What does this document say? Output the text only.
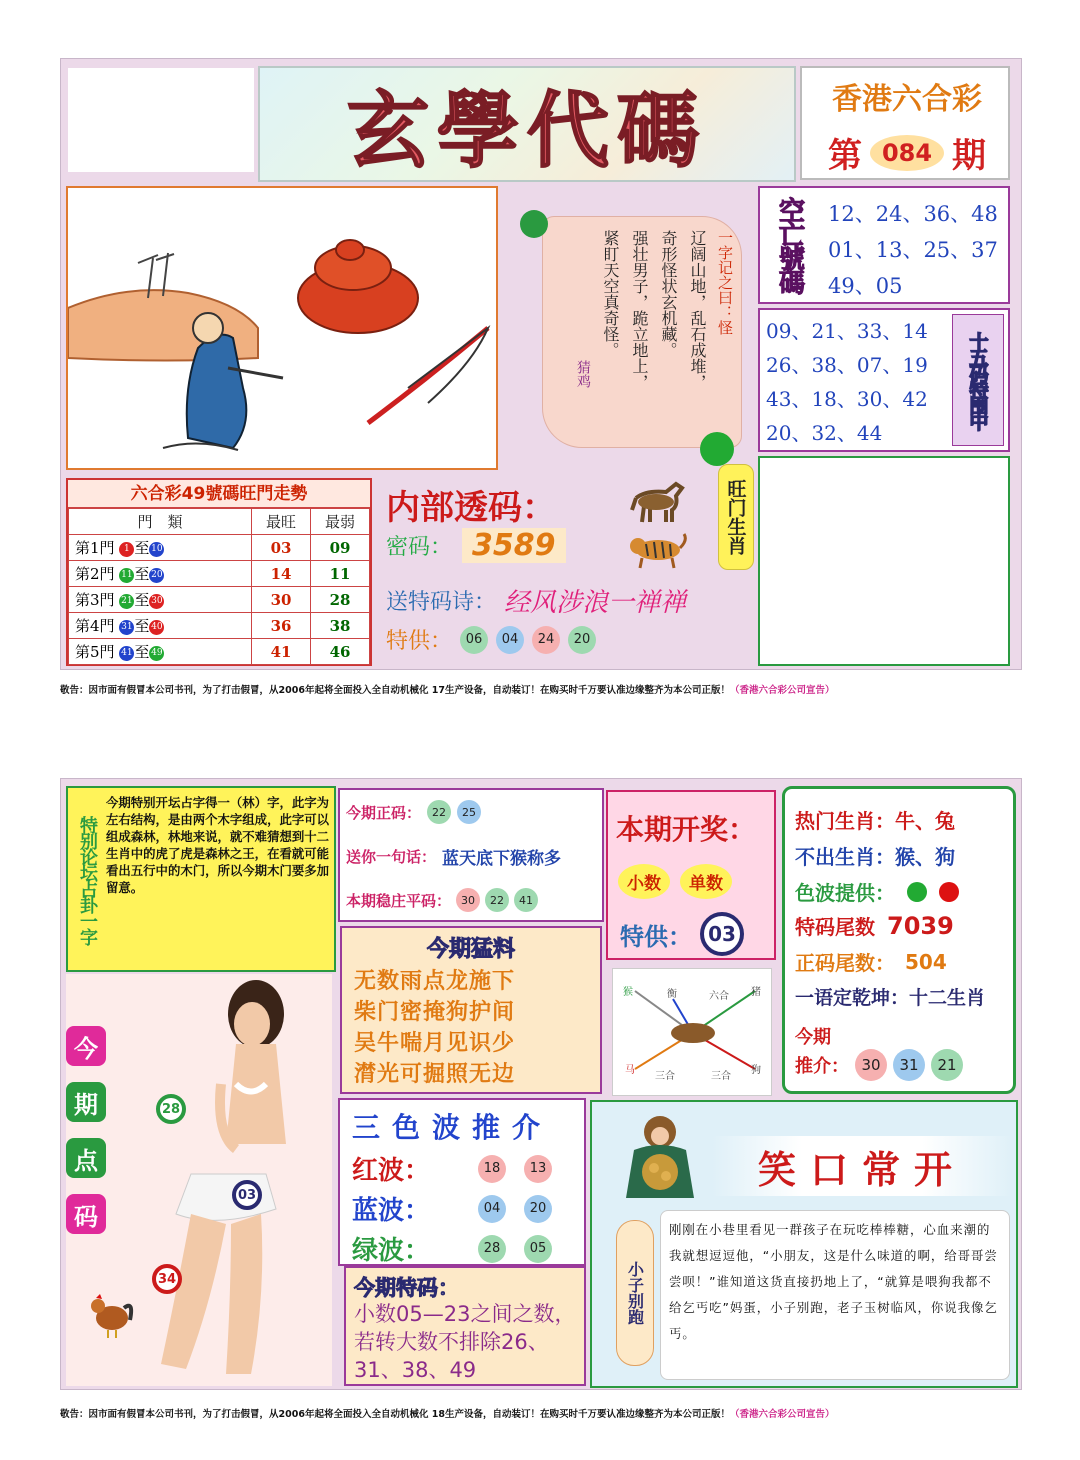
玄學代碼	香港六合彩
第 084 期
一字记之曰：怪
辽阔山地，乱石成堆，
奇形怪状玄机藏。
强壮男子，跪立地上，
紧盯天空真奇怪。
猜鸡
空亡號碼 12、24、36、48
01、13、25、37
49、05
09、21、33、14
26、38、07、19
43、18、30、42
20、32、44
十五码特围中
六合彩49號碼旺門走勢
門　類	最旺	最弱
第1門 1 至 10	03	09
第2門 11 至 20	14	11
第3門 21 至 30	30	28
第4門 31 至 40	36	38
第5門 41 至 49	41	46
内部透码：	旺门生肖
密码： 3589
送特码诗： 经风涉浪一禅禅
特供：	06	04	24	20
敬告：因市面有假冒本公司书刊，为了打击假冒，从2006年起将全面投入全自动机械化 17生产设备，自动装订！在购买时千万要认准边缘整齐为本公司正版！（香港六合彩公司宣告）
特别论坛占卦一字
今期特别开坛占字得一（林）字，此字为左右结构，是由两个木字组成，此字可以组成森林，林地来说，就不难猜想到十二生肖中的虎了虎是森林之王，在看就可能看出五行中的木门，所以今期木门要多加留意。
今期正码：	22	25
送你一句话： 蓝天底下猴称多
本期稳庄平码： 30	22	41
本期开奖：
小数	单数
特供： 03
热门生肖：牛、兔
不出生肖：猴、狗
色波提供：
特码尾数 7039
正码尾数： 504
一语定乾坤：十二生肖
今期
推介： 30	31	21
今期猛料
无数雨点龙施下
柴门密掩狗护间
吴牛喘月见识少
潸光可掘照无边
猴	衡	六合 猪
马
三合	三合
狗
今
期
点
码
28
03
34
三色波推介
红波：	18	13
蓝波：	04	20
绿波：	28	05
今期特码：
小数05—23之间之数，若转大数不排除26、31、38、49
笑口常开
小子别跑
刚刚在小巷里看见一群孩子在玩吃棒棒糖，心血来潮的我就想逗逗他，“小朋友，这是什么味道的啊，给哥哥尝尝呗！”谁知道这货直接扔地上了，“就算是喂狗我都不给乞丐吃”妈蛋，小子别跑，老子玉树临风，你说我像乞丐。
敬告：因市面有假冒本公司书刊，为了打击假冒，从2006年起将全面投入全自动机械化 18生产设备，自动装订！在购买时千万要认准边缘整齐为本公司正版！（香港六合彩公司宣告）
